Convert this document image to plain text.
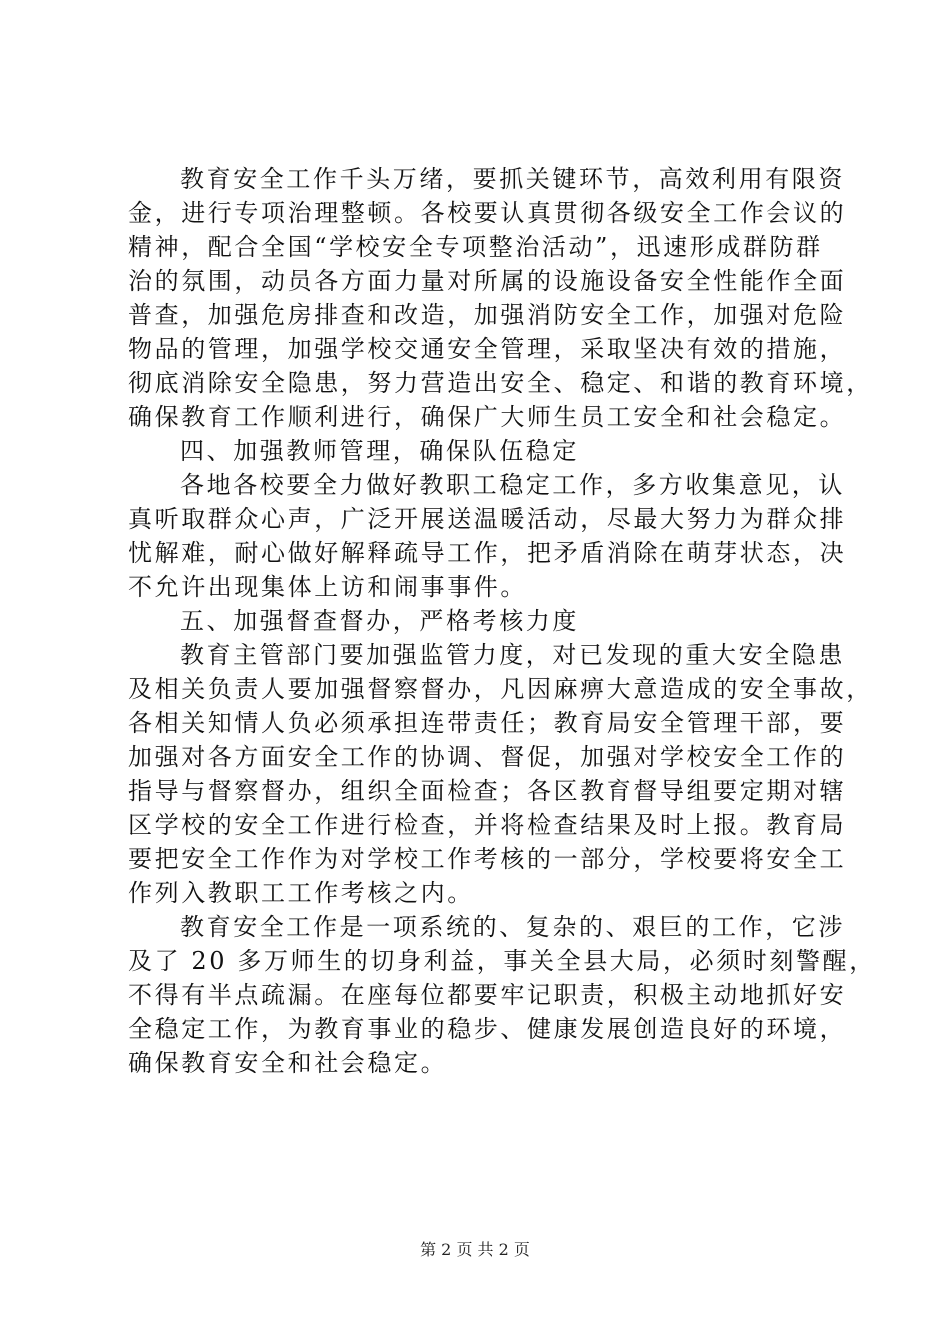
教育安全工作千头万绪，要抓关键环节，高效利用有限资
金，进行专项治理整顿。各校要认真贯彻各级安全工作会议的
精神，配合全国“学校安全专项整治活动”，迅速形成群防群
治的氛围，动员各方面力量对所属的设施设备安全性能作全面
普查，加强危房排查和改造，加强消防安全工作，加强对危险
物品的管理，加强学校交通安全管理，采取坚决有效的措施，
彻底消除安全隐患，努力营造出安全、稳定、和谐的教育环境，
确保教育工作顺利进行，确保广大师生员工安全和社会稳定。
四、加强教师管理，确保队伍稳定
各地各校要全力做好教职工稳定工作，多方收集意见，认
真听取群众心声，广泛开展送温暖活动，尽最大努力为群众排
忧解难，耐心做好解释疏导工作，把矛盾消除在萌芽状态，决
不允许出现集体上访和闹事事件。
五、加强督查督办，严格考核力度
教育主管部门要加强监管力度，对已发现的重大安全隐患
及相关负责人要加强督察督办，凡因麻痹大意造成的安全事故，
各相关知情人负必须承担连带责任；教育局安全管理干部，要
加强对各方面安全工作的协调、督促，加强对学校安全工作的
指导与督察督办，组织全面检查；各区教育督导组要定期对辖
区学校的安全工作进行检查，并将检查结果及时上报。教育局
要把安全工作作为对学校工作考核的一部分，学校要将安全工
作列入教职工工作考核之内。
教育安全工作是一项系统的、复杂的、艰巨的工作，它涉
及了 20 多万师生的切身利益，事关全县大局，必须时刻警醒，
不得有半点疏漏。在座每位都要牢记职责，积极主动地抓好安
全稳定工作，为教育事业的稳步、健康发展创造良好的环境，
确保教育安全和社会稳定。
第 2 页 共 2 页
